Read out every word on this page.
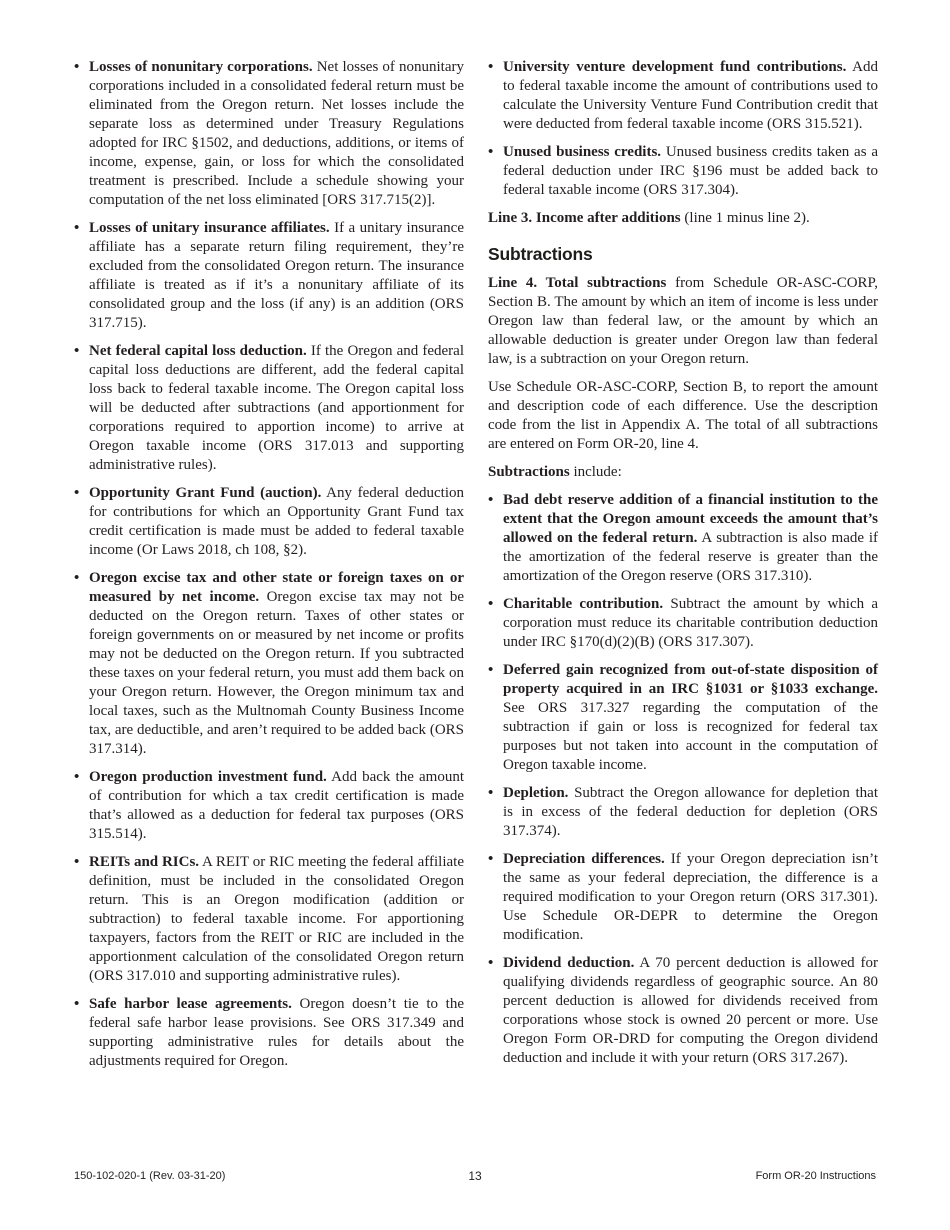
• Losses of nonunitary corporations. Net losses of nonunitary corporations included in a consolidated federal return must be eliminated from the Oregon return. Net losses include the separate loss as determined under Treasury Regulations adopted for IRC §1502, and deductions, additions, or items of income, expense, gain, or loss for which the consolidated treatment is prescribed. Include a schedule showing your computation of the net loss eliminated [ORS 317.715(2)].
• Losses of unitary insurance affiliates. If a unitary insurance affiliate has a separate return filing requirement, they’re excluded from the consolidated Oregon return. The insurance affiliate is treated as if it’s a nonunitary affiliate of its consolidated group and the loss (if any) is an addition (ORS 317.715).
• Net federal capital loss deduction. If the Oregon and federal capital loss deductions are different, add the federal capital loss back to federal taxable income. The Oregon capital loss will be deducted after subtractions (and apportionment for corporations required to apportion income) to arrive at Oregon taxable income (ORS 317.013 and supporting administrative rules).
• Opportunity Grant Fund (auction). Any federal deduction for contributions for which an Opportunity Grant Fund tax credit certification is made must be added to federal taxable income (Or Laws 2018, ch 108, §2).
• Oregon excise tax and other state or foreign taxes on or measured by net income. Oregon excise tax may not be deducted on the Oregon return. Taxes of other states or foreign governments on or measured by net income or profits may not be deducted on the Oregon return. If you subtracted these taxes on your federal return, you must add them back on your Oregon return. However, the Oregon minimum tax and local taxes, such as the Multnomah County Business Income tax, are deductible, and aren’t required to be added back (ORS 317.314).
• Oregon production investment fund. Add back the amount of contribution for which a tax credit certification is made that’s allowed as a deduction for federal tax purposes (ORS 315.514).
• REITs and RICs. A REIT or RIC meeting the federal affiliate definition, must be included in the consolidated Oregon return. This is an Oregon modification (addition or subtraction) to federal taxable income. For apportioning taxpayers, factors from the REIT or RIC are included in the apportionment calculation of the consolidated Oregon return (ORS 317.010 and supporting administrative rules).
• Safe harbor lease agreements. Oregon doesn’t tie to the federal safe harbor lease provisions. See ORS 317.349 and supporting administrative rules for details about the adjustments required for Oregon.
• University venture development fund contributions. Add to federal taxable income the amount of contributions used to calculate the University Venture Fund Contribution credit that were deducted from federal taxable income (ORS 315.521).
• Unused business credits. Unused business credits taken as a federal deduction under IRC §196 must be added back to federal taxable income (ORS 317.304).

Line 3. Income after additions (line 1 minus line 2).

Subtractions

Line 4. Total subtractions from Schedule OR-ASC-CORP, Section B. The amount by which an item of income is less under Oregon law than federal law, or the amount by which an allowable deduction is greater under Oregon law than federal law, is a subtraction on your Oregon return.

Use Schedule OR-ASC-CORP, Section B, to report the amount and description code of each difference. Use the description code from the list in Appendix A. The total of all subtractions are entered on Form OR-20, line 4.

Subtractions include:

• Bad debt reserve addition of a financial institution to the extent that the Oregon amount exceeds the amount that’s allowed on the federal return. A subtraction is also made if the amortization of the federal reserve is greater than the amortization of the Oregon reserve (ORS 317.310).
• Charitable contribution. Subtract the amount by which a corporation must reduce its charitable contribution deduction under IRC §170(d)(2)(B) (ORS 317.307).
• Deferred gain recognized from out-of-state disposition of property acquired in an IRC §1031 or §1033 exchange. See ORS 317.327 regarding the computation of the subtraction if gain or loss is recognized for federal tax purposes but not taken into account in the computation of Oregon taxable income.
• Depletion. Subtract the Oregon allowance for depletion that is in excess of the federal deduction for depletion (ORS 317.374).
• Depreciation differences. If your Oregon depreciation isn’t the same as your federal depreciation, the difference is a required modification to your Oregon return (ORS 317.301). Use Schedule OR-DEPR to determine the Oregon modification.
• Dividend deduction. A 70 percent deduction is allowed for qualifying dividends regardless of geographic source. An 80 percent deduction is allowed for dividends received from corporations whose stock is owned 20 percent or more. Use Oregon Form OR-DRD for computing the Oregon dividend deduction and include it with your return (ORS 317.267).
150-102-020-1 (Rev. 03-31-20)	13	Form OR-20 Instructions
